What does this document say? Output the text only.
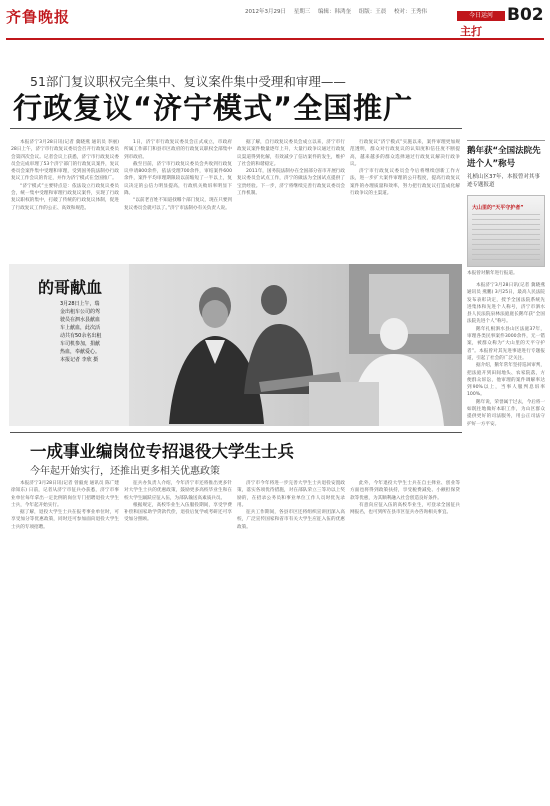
齐鲁晚报	2012年3月29日 星期三 编辑：韩鸿奎 组版：王晨 校对：王秀伟	今日运河
主打
B02
51部门复议职权完全集中、复议案件集中受理和审理——
行政复议“济宁模式”全国推广

本报济宁3月28日讯(记者 冀晓燕 通讯员 李丽) 28日上午，济宁市行政复议委员会召开行政复议委员会第四次会议。记者会议上获悉，济宁市行政复议委员会完成审理了53个济宁部门的行政复议案件，复议委员会案件集中受理和审理，受到国务院法制办行政复议工作会议的肯定，并作为济宁模式在全国推广。

“济宁模式”主要特点是：依法设立行政复议委员会，统一集中受理和审理行政复议案件，实现了行政复议职权的集中，打破了传统的行政复议体制，促进了行政复议工作的公正、高效和规范。

1日，济宁市行政复议委员会正式成立，市政府所属工作部门和县市区政府的行政复议职权全部集中到市政府。

截至目前，济宁市行政复议委员会共收到行政复议申请800余件，依法受理700余件，审结案件600余件，案件平均审理期限较以前缩短了一半以上，复议决定的公信力明显提高，行政机关败诉率明显下降。

“以前老百姓不知道找哪个部门复议，现在只要到复议委员会就可以了。”济宁市法制办有关负责人说。

据了解，自行政复议委员会成立以来，济宁市行政复议案件数量逐年上升，大量行政争议通过行政复议渠道得到化解，有效减少了信访案件的发生，维护了社会的和谐稳定。

2011年，国务院法制办在全国部分省市开展行政复议委员会试点工作，济宁的做法为全国试点提供了宝贵经验。下一步，济宁将继续完善行政复议委员会工作机制。

行政复议“济宁模式”实施以来，案件审理更加规范透明，群众对行政复议的认知度和信任度不断提高，越来越多的群众选择通过行政复议解决行政争议。

济宁市行政复议委员会今后将继续创新工作方法，进一步扩大案件审理的公开程度，提高行政复议案件的办理质量和效率，努力把行政复议打造成化解行政争议的主渠道。

的哥献血
3月28日上午，瑞金出租车公司的驾驶员在泗水县献血车上献血，此次活动共有50余名出租车司机参加，捐献热血，奉献爱心。本报记者 李欣 摄
一成事业编岗位专招退役大学生士兵
今年起开始实行，还推出更多相关优惠政策

本报济宁3月28日讯(记者 曾毅虎 通讯员 陈广建 徐知东) 日前，记者从济宁市征兵办获悉，济宁市事业单位每年拿出一定比例的岗位专门招聘退役大学生士兵，今年起开始实行。

据了解，退役大学生士兵在报考事业单位时，可享受加分等优惠政策，同时还可参加面向退役大学生士兵的专项招聘。

征兵办负责人介绍，今年济宁市还将推出更多针对大学生士兵的优惠政策，鼓励更多高校毕业生和在校大学生踊跃应征入伍，为部队输送高素质兵员。

根据规定，高校毕业生入伍服役期间，享受学费补偿和国家助学贷款代偿，退役后复学或考研还可享受加分照顾。

济宁市今年将进一步完善大学生士兵退役安置政策，落实各项优待措施，对在部队荣立三等功以上奖励的，在招录公务员和事业单位工作人员时优先录用。

征兵工作期间，各县市区还将组织宣讲团深入高校，广泛宣传国家和省市有关大学生应征入伍的优惠政策。

此外，今年退役大学生士兵在自主择业、创业等方面也将得到政策扶持，享受税费减免、小额担保贷款等优惠，为其顺利融入社会创造良好条件。

有意向应征入伍的高校毕业生，可登录全国征兵网报名，也可到所在县市区征兵办咨询相关事宜。

鹅年获“全国法院先进个人”称号
礼桢山区37年，本报曾对其事迹专题报道
大山里的“天平守护者”
本报曾对鹅年进行报道。

本报济宁3月28日讯(记者 冀晓燕 通讯员 燕鹏) 3月25日，最高人民法院发布表彰决定，授予全国法院系统先进集体和先进个人称号，济宁市泗水县人民法院泉林法庭庭长鹅年获“全国法院先进个人”称号。

鹅年扎根泗水县山区法庭37年，审理各类民事案件3000余件，无一错案，被群众称为“大山里的天平守护者”。本报曾对其先进事迹进行专题报道，引起了社会的广泛关注。

据介绍，鹅年常年坚持巡回审判，把法庭开到田间地头、农家院落，方便群众诉讼，他审理的案件调解率达到90%以上，当事人服判息诉率100%。

鹅年说，荣誉属于过去，今后将一如既往地做好本职工作，为山区群众提供更好的司法服务，用公正司法守护好一方平安。
